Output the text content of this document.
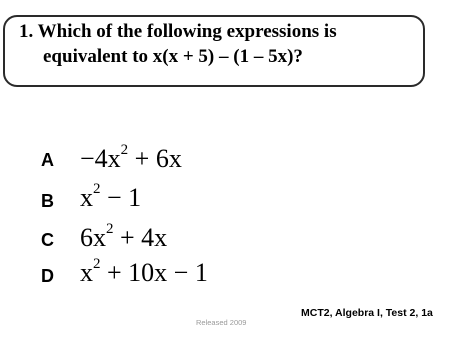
1. Which of the following expressions is
equivalent to x(x + 5) – (1 – 5x)?
$A -4x^2 + 6x$
B $x^2 - 1$
C $6x^2 + 4x$
D $x^2 + 10x - 1$
MCT2, Algebra I, Test 2, 1a
Released 2009
